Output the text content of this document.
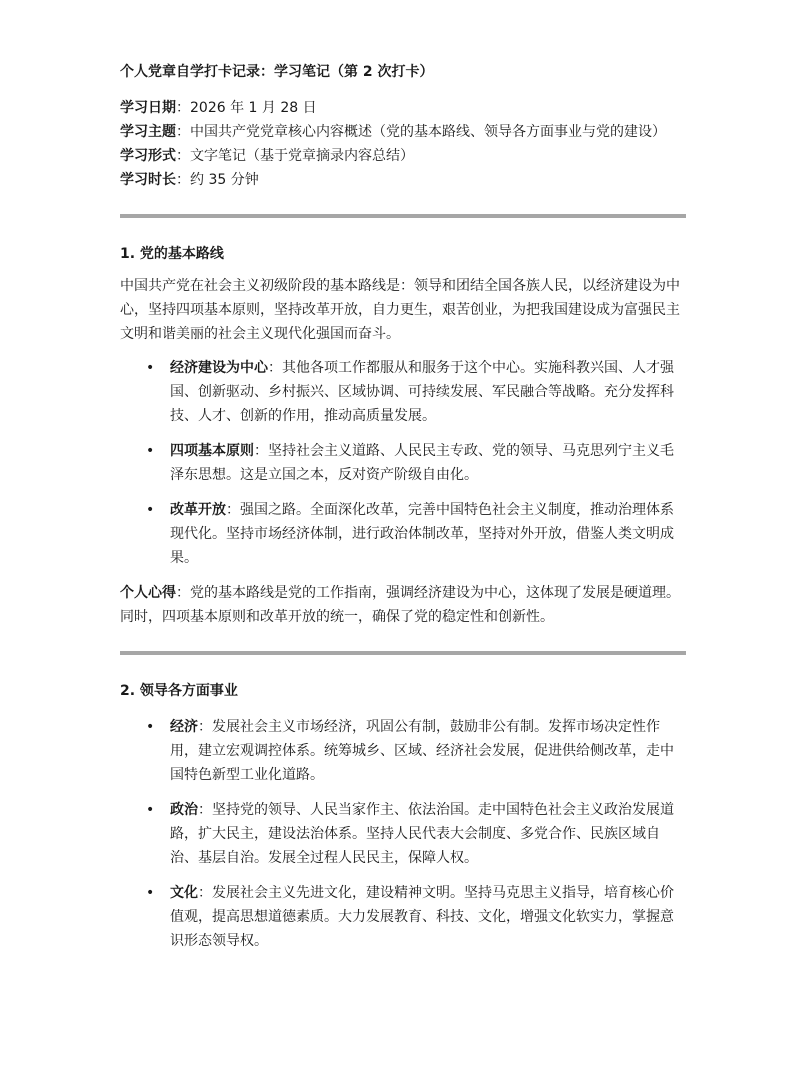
个人党章自学打卡记录：学习笔记（第 2 次打卡）

学习日期：2026 年 1 月 28 日

学习主题：中国共产党党章核心内容概述（党的基本路线、领导各方面事业与党的建设）

学习形式：文字笔记（基于党章摘录内容总结）

学习时长：约 35 分钟

1. 党的基本路线

中国共产党在社会主义初级阶段的基本路线是：领导和团结全国各族人民，以经济建设为中心，坚持四项基本原则，坚持改革开放，自力更生，艰苦创业，为把我国建设成为富强民主文明和谐美丽的社会主义现代化强国而奋斗。

• 经济建设为中心：其他各项工作都服从和服务于这个中心。实施科教兴国、人才强国、创新驱动、乡村振兴、区域协调、可持续发展、军民融合等战略。充分发挥科技、人才、创新的作用，推动高质量发展。
• 四项基本原则：坚持社会主义道路、人民民主专政、党的领导、马克思列宁主义毛泽东思想。这是立国之本，反对资产阶级自由化。
• 改革开放：强国之路。全面深化改革，完善中国特色社会主义制度，推动治理体系现代化。坚持市场经济体制，进行政治体制改革，坚持对外开放，借鉴人类文明成果。

个人心得：党的基本路线是党的工作指南，强调经济建设为中心，这体现了发展是硬道理。同时，四项基本原则和改革开放的统一，确保了党的稳定性和创新性。

2. 领导各方面事业

• 经济：发展社会主义市场经济，巩固公有制，鼓励非公有制。发挥市场决定性作用，建立宏观调控体系。统筹城乡、区域、经济社会发展，促进供给侧改革，走中国特色新型工业化道路。
• 政治：坚持党的领导、人民当家作主、依法治国。走中国特色社会主义政治发展道路，扩大民主，建设法治体系。坚持人民代表大会制度、多党合作、民族区域自治、基层自治。发展全过程人民民主，保障人权。
• 文化：发展社会主义先进文化，建设精神文明。坚持马克思主义指导，培育核心价值观，提高思想道德素质。大力发展教育、科技、文化，增强文化软实力，掌握意识形态领导权。
